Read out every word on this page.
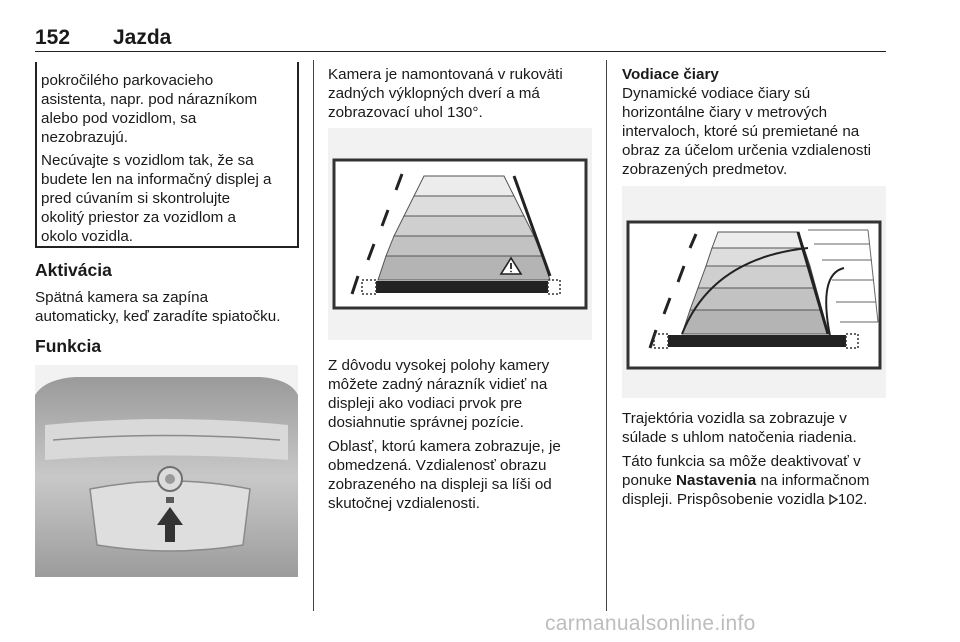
152 Jazda
pokročilého parkovacieho
asistenta, napr. pod nárazníkom
alebo pod vozidlom, sa
nezobrazujú.
Necúvajte s vozidlom tak, že sa
budete len na informačný displej a
pred cúvaním si skontrolujte
okolitý priestor za vozidlom a
okolo vozidla.
Aktivácia
Spätná kamera sa zapína
automaticky, keď zaradíte spiatočku.
Funkcia
Kamera je namontovaná v rukoväti
zadných výklopných dverí a má
zobrazovací uhol 130°.
Z dôvodu vysokej polohy kamery
môžete zadný nárazník vidieť na
displeji ako vodiaci prvok pre
dosiahnutie správnej pozície.
Oblasť, ktorú kamera zobrazuje, je
obmedzená. Vzdialenosť obrazu
zobrazeného na displeji sa líši od
skutočnej vzdialenosti.
Vodiace čiary
Dynamické vodiace čiary sú
horizontálne čiary v metrových
intervaloch, ktoré sú premietané na
obraz za účelom určenia vzdialenosti
zobrazených predmetov.
Trajektória vozidla sa zobrazuje v
súlade s uhlom natočenia riadenia.
Táto funkcia sa môže deaktivovať v
ponuke Nastavenia na informačnom
displeji. Prispôsobenie vozidla 102.
carmanualsonline.info
